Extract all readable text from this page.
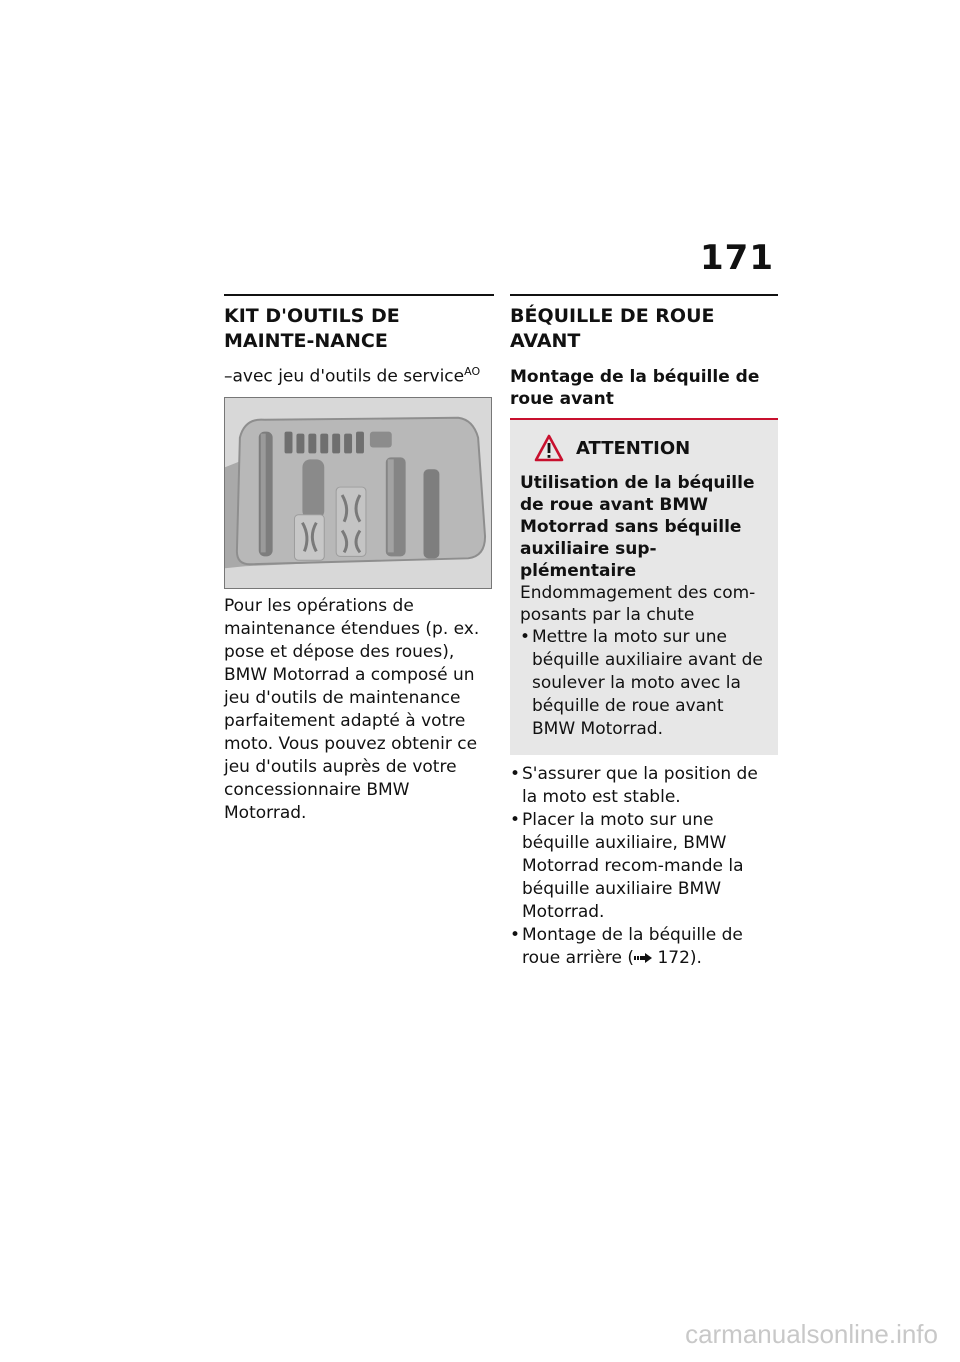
171
KIT D'OUTILS DE MAINTE-NANCE
–avec jeu d'outils de service$^{AO}$
Pour les opérations de maintenance étendues (p. ex. pose et dépose des roues), BMW Motorrad a composé un jeu d'outils de maintenance parfaitement adapté à votre moto. Vous pouvez obtenir ce jeu d'outils auprès de votre concessionnaire BMW Motorrad.
BÉQUILLE DE ROUE AVANT
Montage de la béquille de roue avant
ATTENTION
Utilisation de la béquille de roue avant BMW Motorrad sans béquille auxiliaire sup-plémentaire
Endommagement des com-posants par la chute
• Mettre la moto sur une béquille auxiliaire avant de soulever la moto avec la béquille de roue avant BMW Motorrad.
• S'assurer que la position de la moto est stable.
• Placer la moto sur une béquille auxiliaire, BMW Motorrad recom-mande la béquille auxiliaire BMW Motorrad.
• Montage de la béquille de roue arrière ( 172).
carmanualsonline.info
